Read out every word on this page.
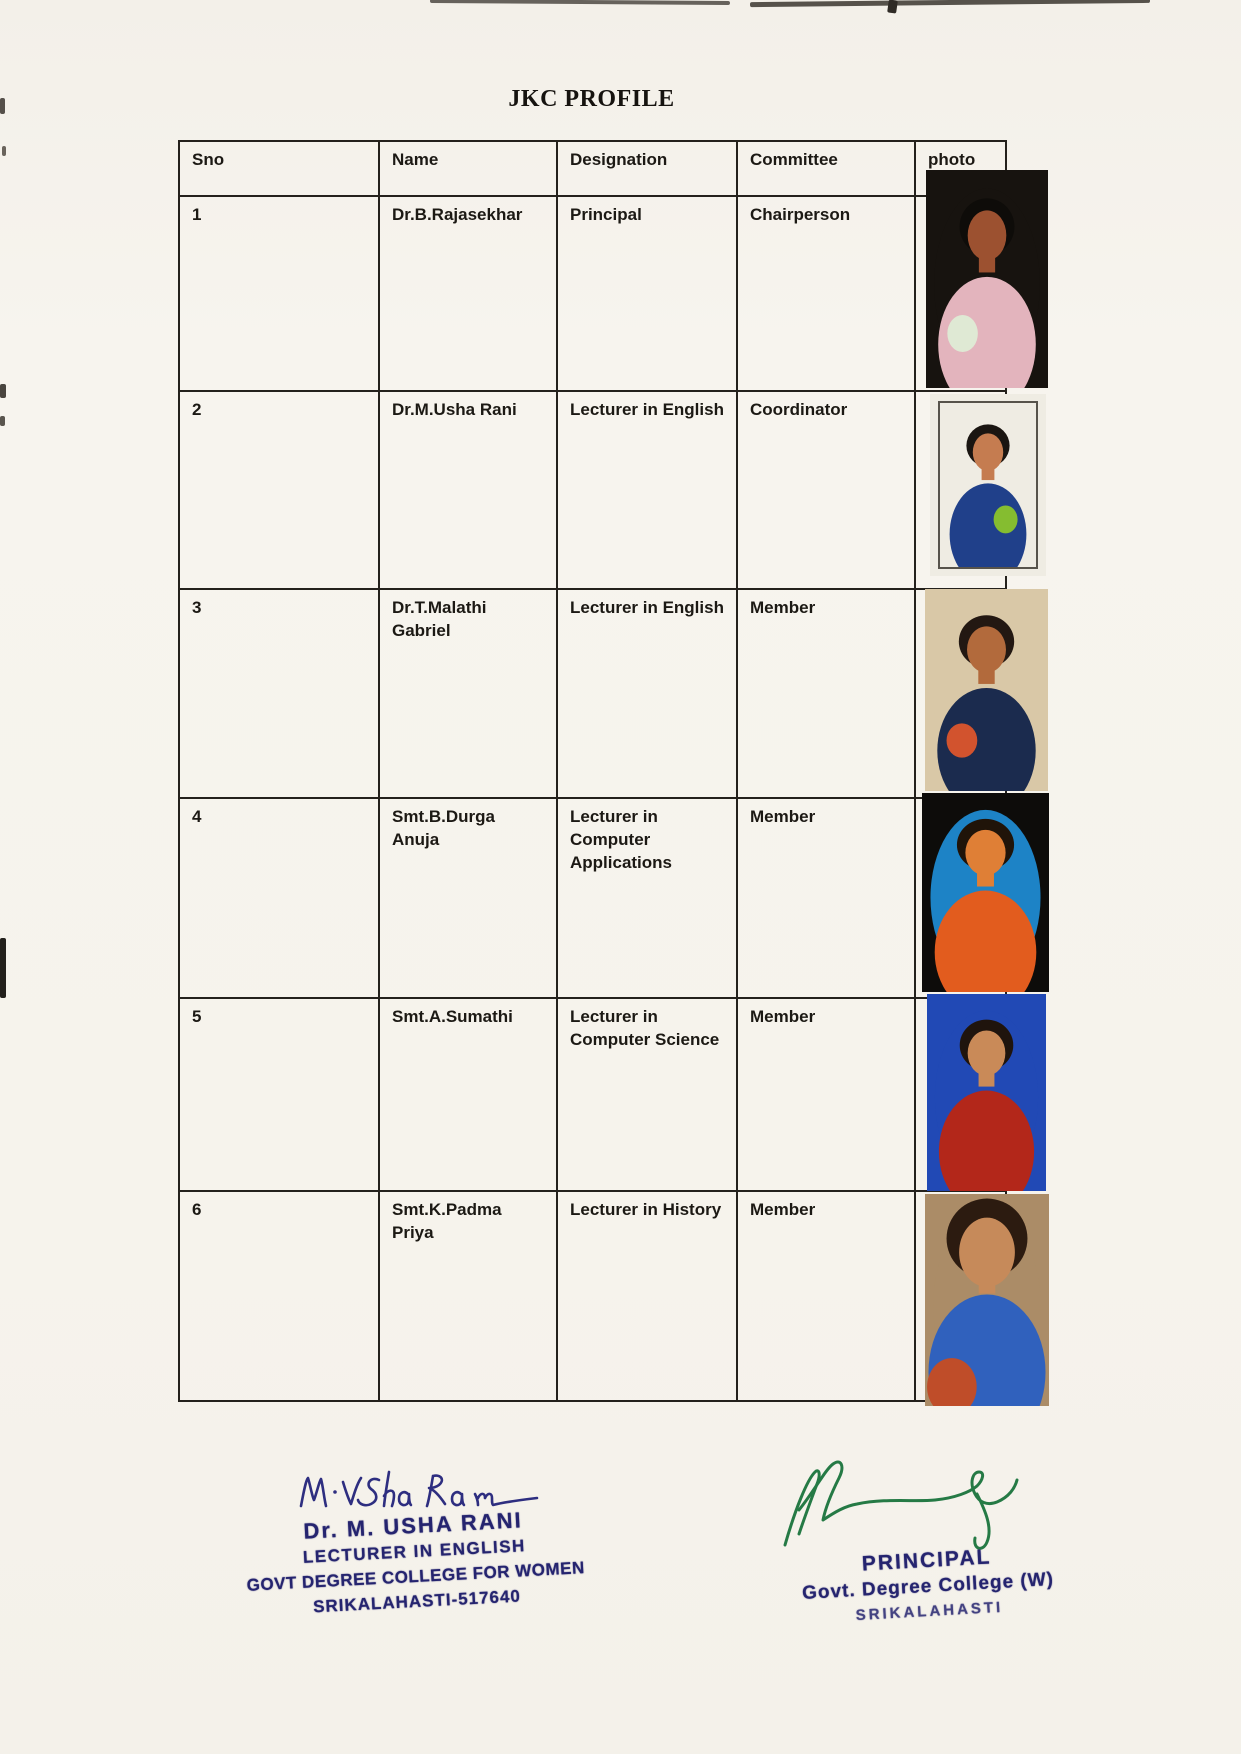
JKC PROFILE
Sno	Name	Designation	Committee	photo
1	Dr.B.Rajasekhar	Principal	Chairperson	
2	Dr.M.Usha Rani	Lecturer in English	Coordinator	
3	Dr.T.Malathi Gabriel	Lecturer in English	Member	
4	Smt.B.Durga Anuja	Lecturer in Computer Applications	Member	
5	Smt.A.Sumathi	Lecturer in Computer Science	Member	
6	Smt.K.Padma Priya	Lecturer in History	Member	
Dr. M. USHA RANI
LECTURER IN ENGLISH
GOVT DEGREE COLLEGE FOR WOMEN
SRIKALAHASTI-517640
PRINCIPAL
Govt. Degree College (W)
SRIKALAHASTI
